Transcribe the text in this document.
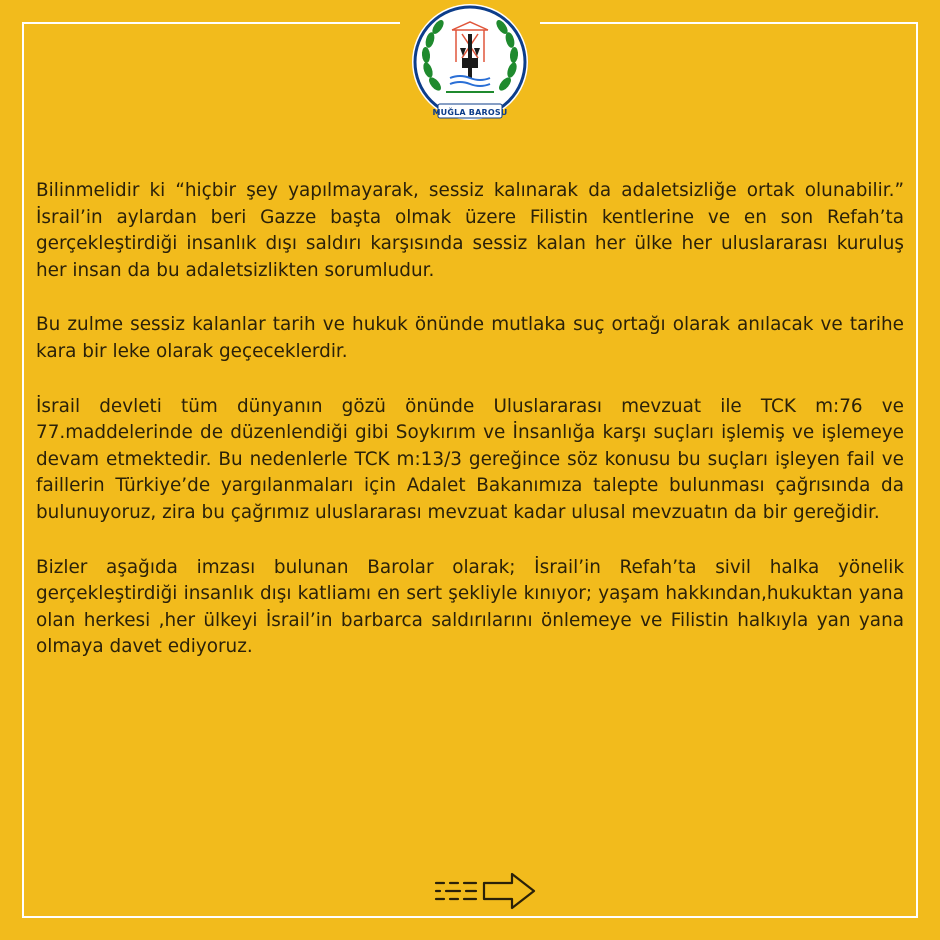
MUĞLA BAROSU

Bilinmelidir ki “hiçbir şey yapılmayarak, sessiz kalınarak da adaletsizliğe ortak olunabilir.” İsrail’in aylardan beri Gazze başta olmak üzere Filistin kentlerine ve en son Refah’ta gerçekleştirdiği insanlık dışı saldırı karşısında sessiz kalan her ülke her uluslararası kuruluş her insan da bu adaletsizlikten sorumludur.

Bu zulme sessiz kalanlar tarih ve hukuk önünde mutlaka suç ortağı olarak anılacak ve tarihe kara bir leke olarak geçeceklerdir.

İsrail devleti tüm dünyanın gözü önünde Uluslararası mevzuat ile TCK m:76 ve 77.maddelerinde de düzenlendiği gibi Soykırım ve İnsanlığa karşı suçları işlemiş ve işlemeye devam etmektedir. Bu nedenlerle TCK m:13/3 gereğince söz konusu bu suçları işleyen fail ve faillerin Türkiye’de yargılanmaları için Adalet Bakanımıza talepte bulunması çağrısında da bulunuyoruz, zira bu çağrımız uluslararası mevzuat kadar ulusal mevzuatın da bir gereğidir.

Bizler aşağıda imzası bulunan Barolar olarak; İsrail’in Refah’ta sivil halka yönelik gerçekleştirdiği insanlık dışı katliamı en sert şekliyle kınıyor; yaşam hakkından,hukuktan yana olan herkesi ,her ülkeyi İsrail’in barbarca saldırılarını önlemeye ve Filistin halkıyla yan yana olmaya davet ediyoruz.
